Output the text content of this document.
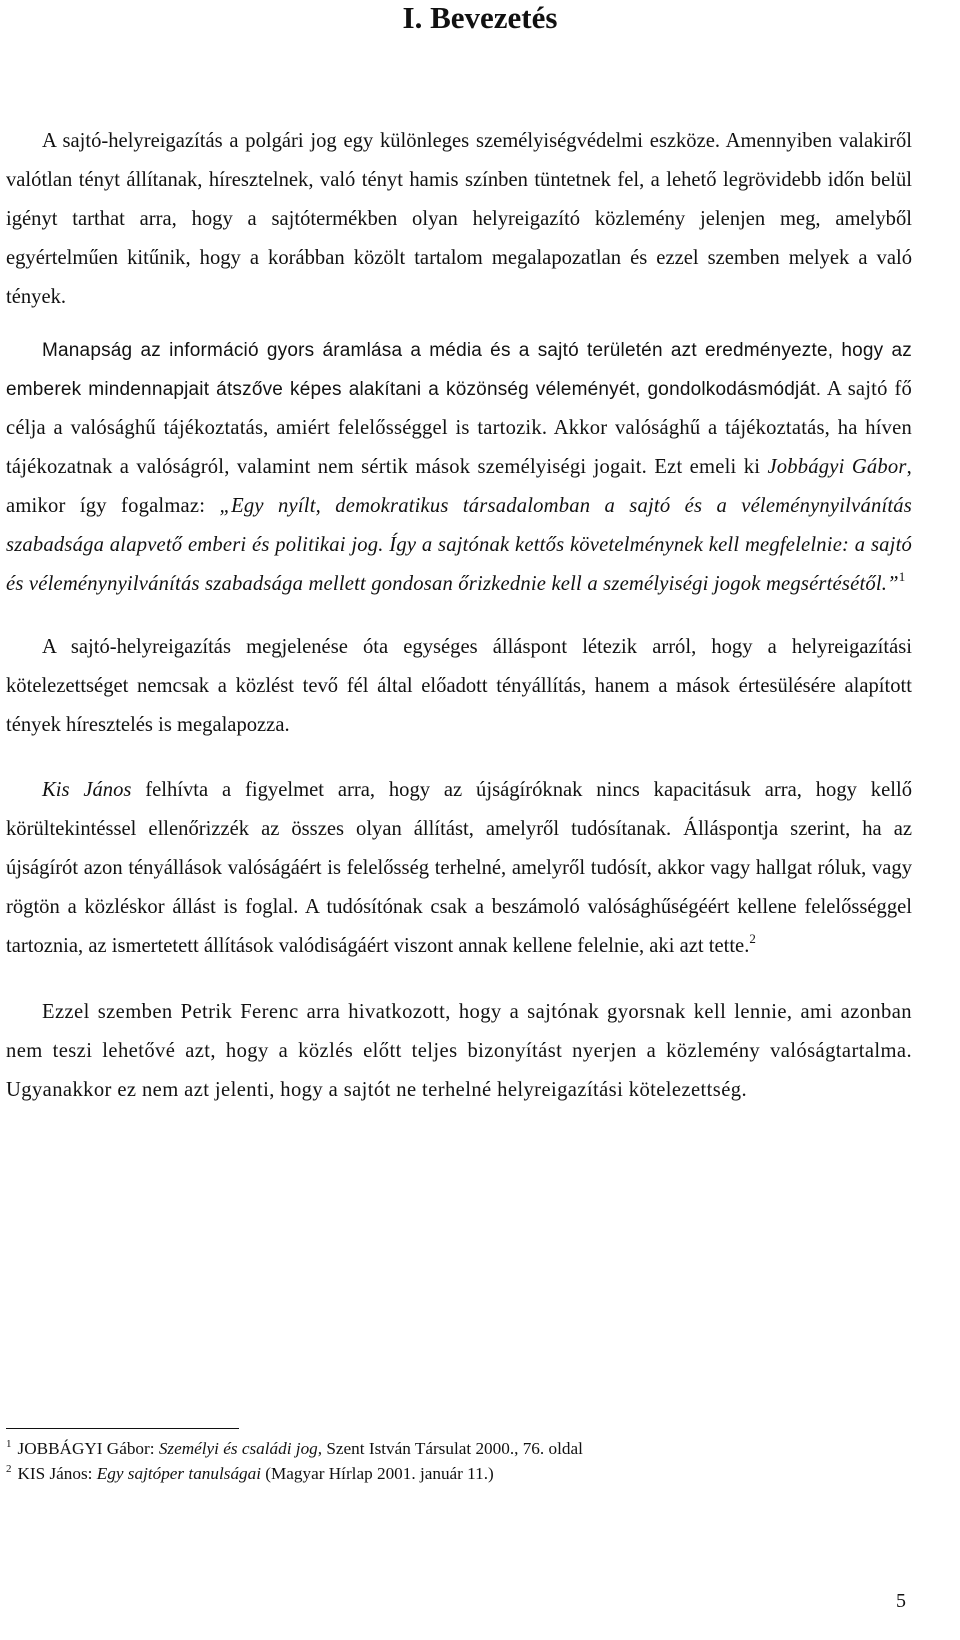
I. Bevezetés

A sajtó-helyreigazítás a polgári jog egy különleges személyiségvédelmi eszköze. Amennyiben valakiről valótlan tényt állítanak, híresztelnek, való tényt hamis színben tüntetnek fel, a lehető legrövidebb időn belül igényt tarthat arra, hogy a sajtótermékben olyan helyreigazító közlemény jelenjen meg, amelyből egyértelműen kitűnik, hogy a korábban közölt tartalom megalapozatlan és ezzel szemben melyek a való tények.

Manapság az információ gyors áramlása a média és a sajtó területén azt eredményezte, hogy az emberek mindennapjait átszőve képes alakítani a közönség véleményét, gondolkodásmódját. A sajtó fő célja a valósághű tájékoztatás, amiért felelősséggel is tartozik. Akkor valósághű a tájékoztatás, ha híven tájékozatnak a valóságról, valamint nem sértik mások személyiségi jogait. Ezt emeli ki Jobbágyi Gábor, amikor így fogalmaz: „Egy nyílt, demokratikus társadalomban a sajtó és a véleménynyilvánítás szabadsága alapvető emberi és politikai jog. Így a sajtónak kettős követelménynek kell megfelelnie: a sajtó és véleménynyilvánítás szabadsága mellett gondosan őrizkednie kell a személyiségi jogok megsértésétől.”$^1$

A sajtó-helyreigazítás megjelenése óta egységes álláspont létezik arról, hogy a helyreigazítási kötelezettséget nemcsak a közlést tevő fél által előadott tényállítás, hanem a mások értesülésére alapított tények híresztelés is megalapozza.

Kis János felhívta a figyelmet arra, hogy az újságíróknak nincs kapacitásuk arra, hogy kellő körültekintéssel ellenőrizzék az összes olyan állítást, amelyről tudósítanak. Álláspontja szerint, ha az újságírót azon tényállások valóságáért is felelősség terhelné, amelyről tudósít, akkor vagy hallgat róluk, vagy rögtön a közléskor állást is foglal. A tudósítónak csak a beszámoló valósághűségéért kellene felelősséggel tartoznia, az ismertetett állítások valódiságáért viszont annak kellene felelnie, aki azt tette.$^2$

Ezzel szemben Petrik Ferenc arra hivatkozott, hogy a sajtónak gyorsnak kell lennie, ami azonban nem teszi lehetővé azt, hogy a közlés előtt teljes bizonyítást nyerjen a közlemény valóságtartalma. Ugyanakkor ez nem azt jelenti, hogy a sajtót ne terhelné helyreigazítási kötelezettség.

$^1$ JOBBÁGYI Gábor: Személyi és családi jog, Szent István Társulat 2000., 76. oldal

$^2$ KIS János: Egy sajtóper tanulságai (Magyar Hírlap 2001. január 11.)

5
